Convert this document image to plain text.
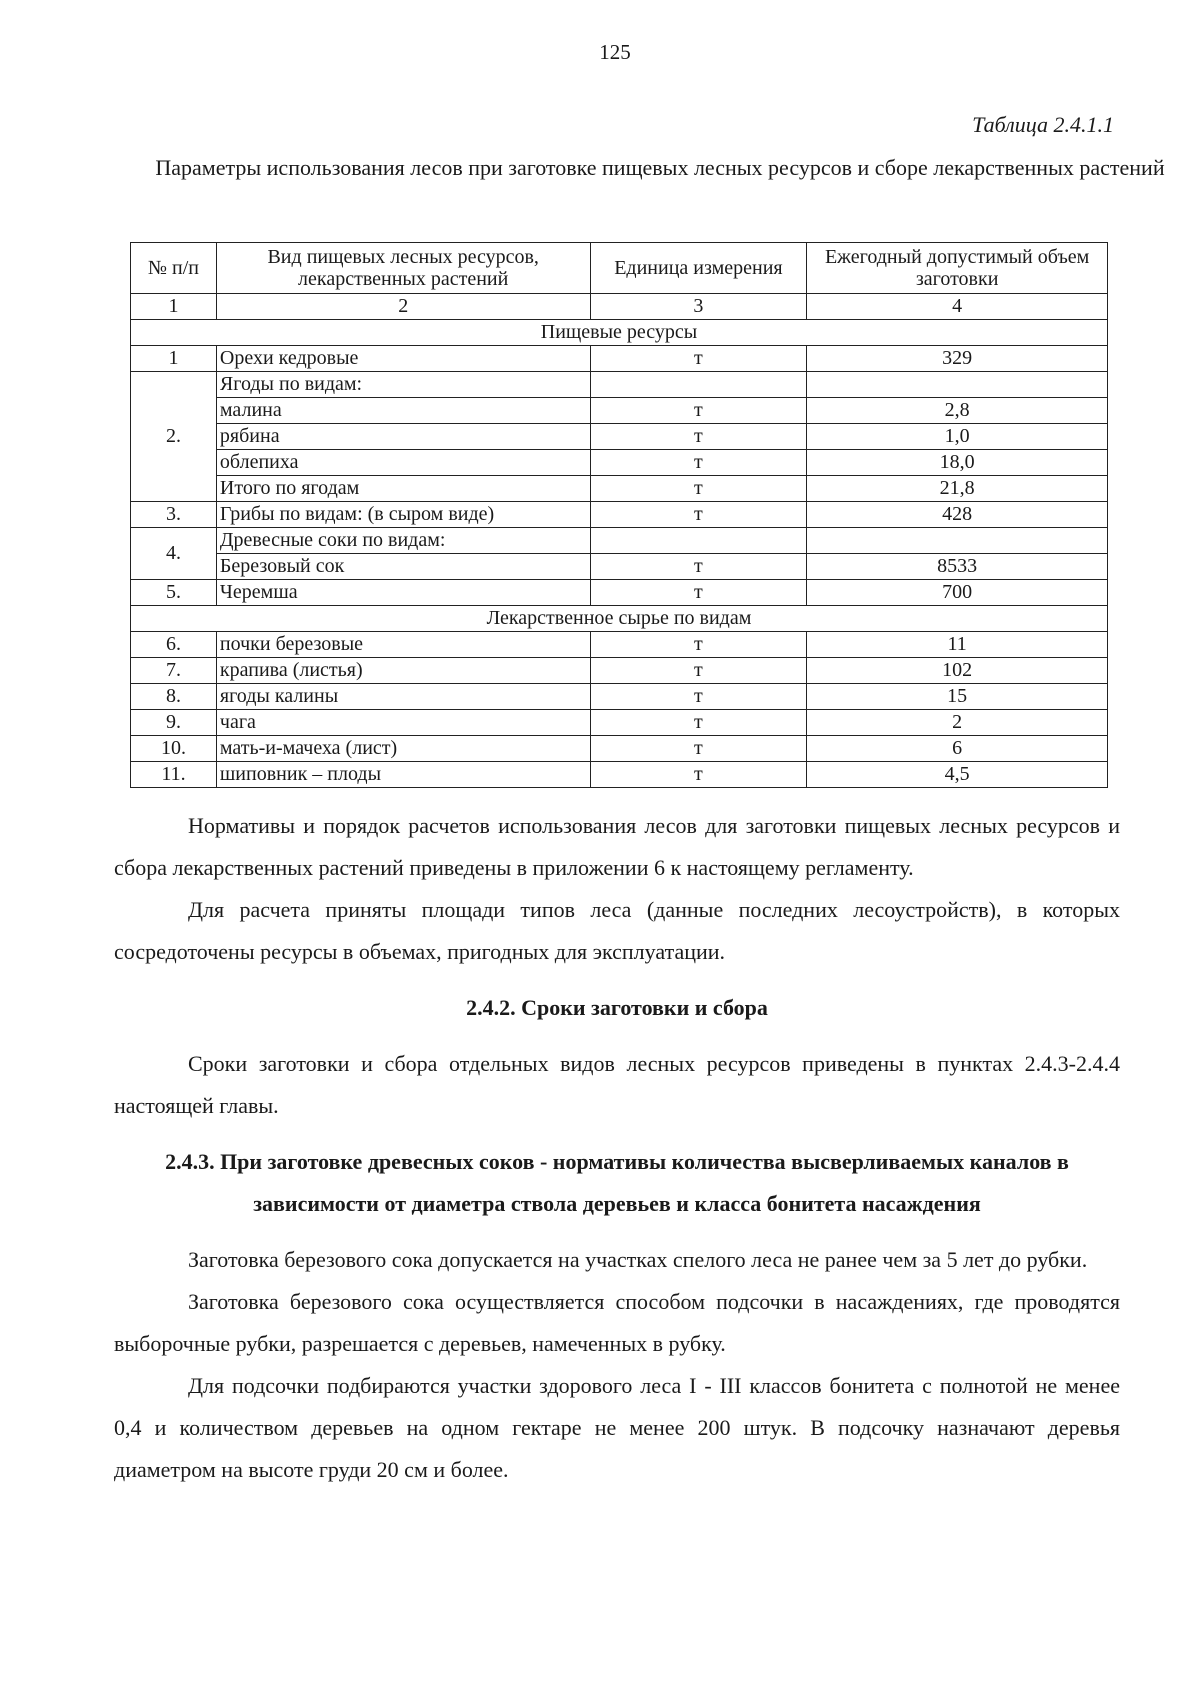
125
Таблица 2.4.1.1
Параметры использования лесов при заготовке пищевых лесных ресурсов и сборе лекарственных растений
№ п/п	Вид пищевых лесных ресурсов, лекарственных растений	Единица измерения	Ежегодный допустимый объем заготовки
1	2	3	4
Пищевые ресурсы			
1	Орехи кедровые	т	329
2.	Ягоды по видам:		
	малина	т	2,8
	рябина	т	1,0
	облепиха	т	18,0
	Итого по ягодам	т	21,8
3.	Грибы по видам: (в сыром виде)	т	428
4.	Древесные соки по видам:		
	Березовый сок	т	8533
5.	Черемша	т	700
Лекарственное сырье по видам			
6.	почки березовые	т	11
7.	крапива (листья)	т	102
8.	ягоды калины	т	15
9.	чага	т	2
10.	мать-и-мачеха (лист)	т	6
11.	шиповник – плоды	т	4,5

Нормативы и порядок расчетов использования лесов для заготовки пищевых лесных ресурсов и сбора лекарственных растений приведены в приложении 6 к настоящему регламенту.

Для расчета приняты площади типов леса (данные последних лесоустройств), в которых сосредоточены ресурсы в объемах, пригодных для эксплуатации.

2.4.2. Сроки заготовки и сбора

Сроки заготовки и сбора отдельных видов лесных ресурсов приведены в пунктах 2.4.3-2.4.4 настоящей главы.

2.4.3. При заготовке древесных соков - нормативы количества высверливаемых каналов в зависимости от диаметра ствола деревьев и класса бонитета насаждения

Заготовка березового сока допускается на участках спелого леса не ранее чем за 5 лет до рубки.

Заготовка березового сока осуществляется способом подсочки в насаждениях, где проводятся выборочные рубки, разрешается с деревьев, намеченных в рубку.

Для подсочки подбираются участки здорового леса I - III классов бонитета с полнотой не менее 0,4 и количеством деревьев на одном гектаре не менее 200 штук. В подсочку назначают деревья диаметром на высоте груди 20 см и более.
